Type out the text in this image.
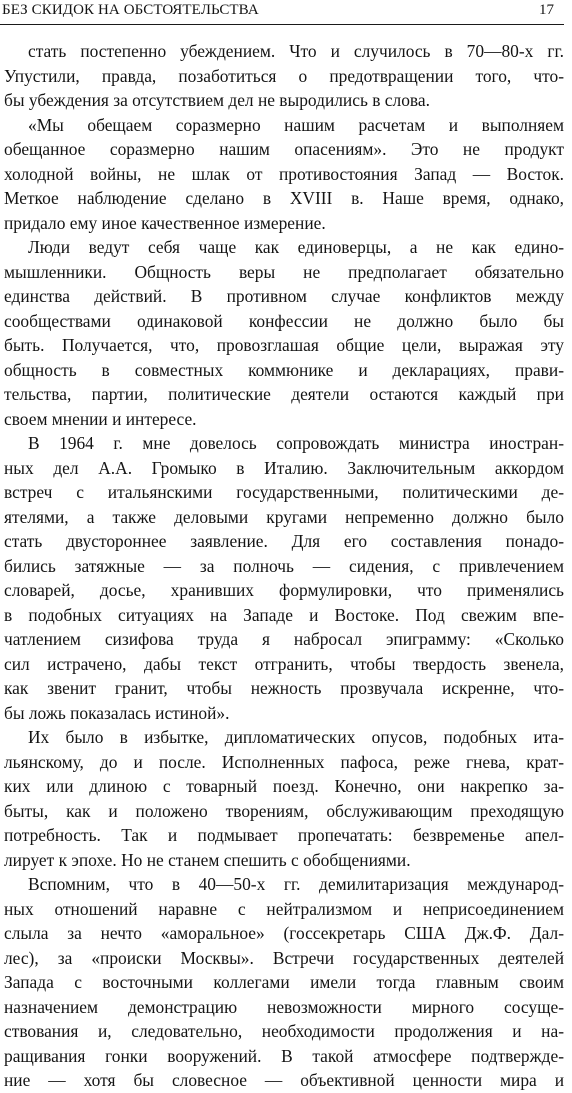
БЕЗ СКИДОК НА ОБСТОЯТЕЛЬСТВА	17
стать постепенно убеждением. Что и случилось в 70—80-х гг.
Упустили, правда, позаботиться о предотвращении того, что-
бы убеждения за отсутствием дел не выродились в слова.
«Мы обещаем соразмерно нашим расчетам и выполняем
обещанное соразмерно нашим опасениям». Это не продукт
холодной войны, не шлак от противостояния Запад — Восток.
Меткое наблюдение сделано в XVIII в. Наше время, однако,
придало ему иное качественное измерение.
Люди ведут себя чаще как единоверцы, а не как едино-
мышленники. Общность веры не предполагает обязательно
единства действий. В противном случае конфликтов между
сообществами одинаковой конфессии не должно было бы
быть. Получается, что, провозглашая общие цели, выражая эту
общность в совместных коммюнике и декларациях, прави-
тельства, партии, политические деятели остаются каждый при
своем мнении и интересе.
В 1964 г. мне довелось сопровождать министра иностран-
ных дел А.А. Громыко в Италию. Заключительным аккордом
встреч с итальянскими государственными, политическими де-
ятелями, а также деловыми кругами непременно должно было
стать двустороннее заявление. Для его составления понадо-
бились затяжные — за полночь — сидения, с привлечением
словарей, досье, хранивших формулировки, что применялись
в подобных ситуациях на Западе и Востоке. Под свежим впе-
чатлением сизифова труда я набросал эпиграмму: «Сколько
сил истрачено, дабы текст отгранить, чтобы твердость звенела,
как звенит гранит, чтобы нежность прозвучала искренне, что-
бы ложь показалась истиной».
Их было в избытке, дипломатических опусов, подобных ита-
льянскому, до и после. Исполненных пафоса, реже гнева, крат-
ких или длиною с товарный поезд. Конечно, они накрепко за-
быты, как и положено творениям, обслуживающим преходящую
потребность. Так и подмывает пропечатать: безвременье апел-
лирует к эпохе. Но не станем спешить с обобщениями.
Вспомним, что в 40—50-х гг. демилитаризация международ-
ных отношений наравне с нейтрализмом и неприсоединением
слыла за нечто «аморальное» (госсекретарь США Дж.Ф. Дал-
лес), за «происки Москвы». Встречи государственных деятелей
Запада с восточными коллегами имели тогда главным своим
назначением демонстрацию невозможности мирного сосуще-
ствования и, следовательно, необходимости продолжения и на-
ращивания гонки вооружений. В такой атмосфере подтвержде-
ние — хотя бы словесное — объективной ценности мира и
